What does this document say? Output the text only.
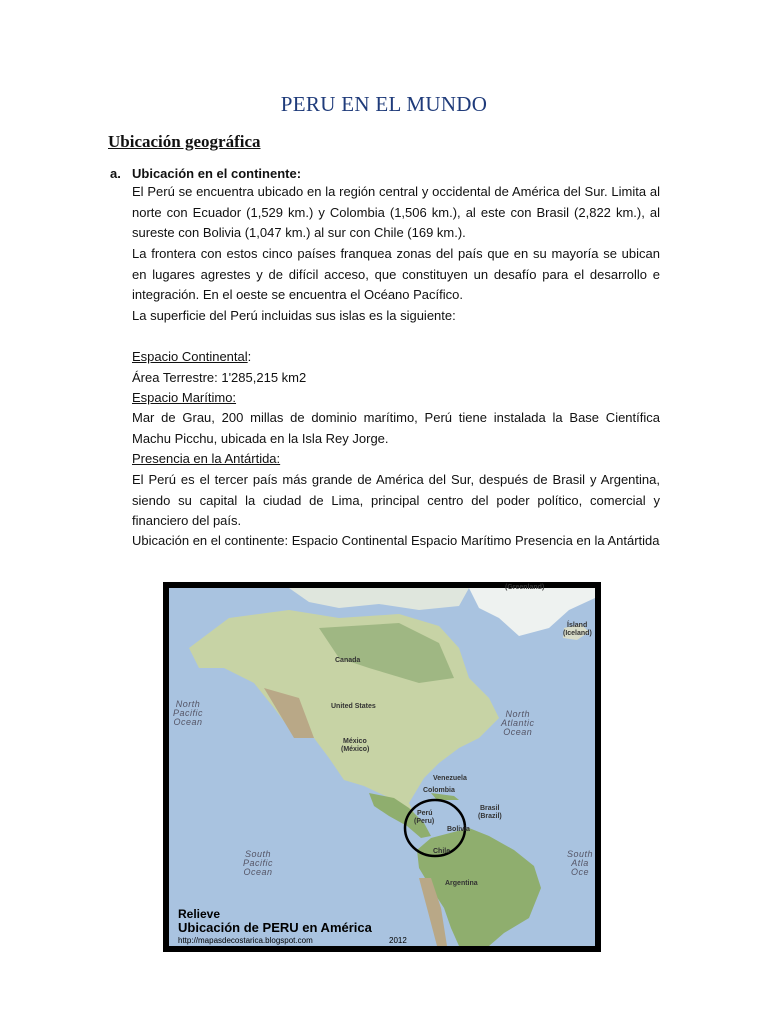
PERU EN EL MUNDO
Ubicación geográfica
a. Ubicación en el continente:
El Perú se encuentra ubicado en la región central y occidental de América del Sur. Limita al norte con Ecuador (1,529 km.) y Colombia (1,506 km.), al este con Brasil (2,822 km.), al sureste con Bolivia (1,047 km.) al sur con Chile (169 km.).
La frontera con estos cinco países franquea zonas del país que en su mayoría se ubican en lugares agrestes y de difícil acceso, que constituyen un desafío para el desarrollo e integración. En el oeste se encuentra el Océano Pacífico.
La superficie del Perú incluidas sus islas es la siguiente:
Espacio Continental:
Área Terrestre: 1'285,215 km2
Espacio Marítimo:
Mar de Grau, 200 millas de dominio marítimo, Perú tiene instalada la Base Científica Machu Picchu, ubicada en la Isla Rey Jorge.
Presencia en la Antártida:
El Perú es el tercer país más grande de América del Sur, después de Brasil y Argentina, siendo su capital la ciudad de Lima, principal centro del poder político, comercial y financiero del país.
Ubicación en el continente: Espacio Continental Espacio Marítimo Presencia en la Antártida
Canada
United States
México
(México)
Venezuela
Colombia
Perú
(Peru)
Brasil
(Brazil)
Bolivia
Chile
Argentina
Ísland
(Iceland)
(Greenland)
North
Pacific
Ocean
North
Atlantic
Ocean
South
Pacific
Ocean
South
Atla
Oce
Relieve
Ubicación de PERU en América
http://mapasdecostarica.blogspot.com	2012
